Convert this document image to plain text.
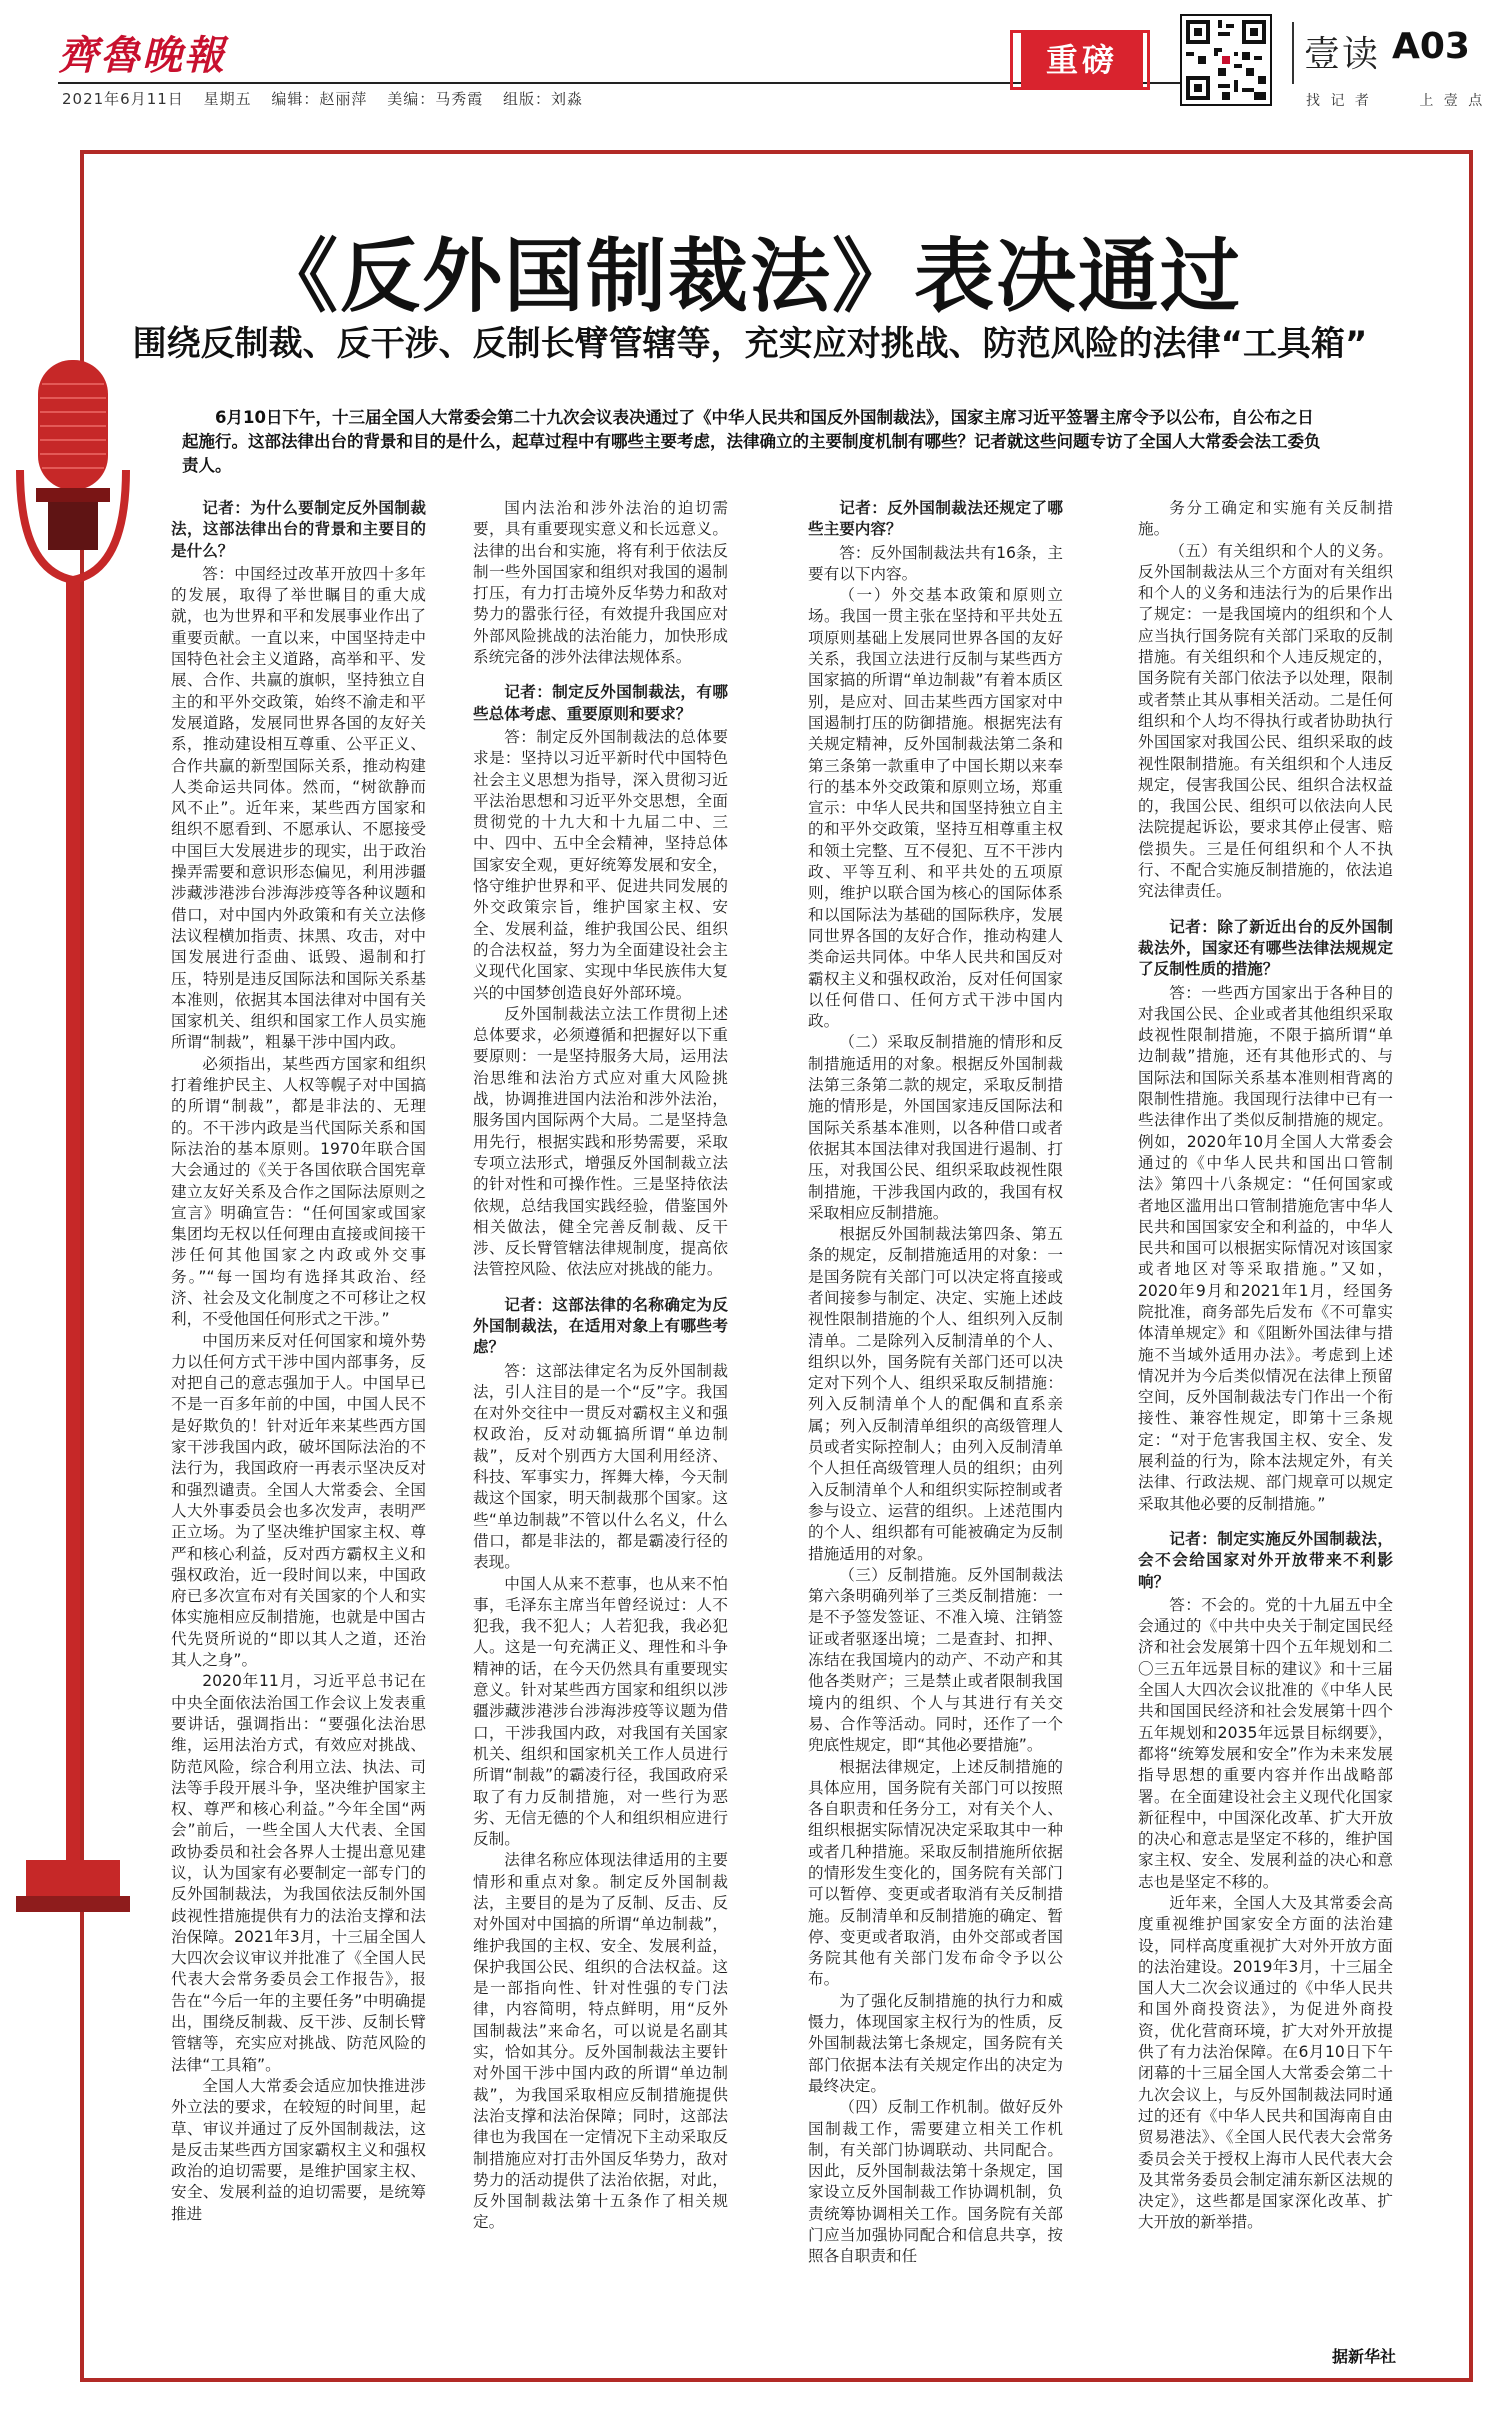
齊魯晚報
2021年6月11日 星期五 编辑：赵丽萍 美编：马秀霞 组版：刘淼
重磅	壹读 A03
找 记 者	上 壹 点
《反外国制裁法》表决通过
围绕反制裁、反干涉、反制长臂管辖等，充实应对挑战、防范风险的法律“工具箱”
6月10日下午，十三届全国人大常委会第二十九次会议表决通过了《中华人民共和国反外国制裁法》，国家主席习近平签署主席令予以公布，自公布之日起施行。这部法律出台的背景和目的是什么，起草过程中有哪些主要考虑，法律确立的主要制度机制有哪些？记者就这些问题专访了全国人大常委会法工委负责人。

记者：为什么要制定反外国制裁法，这部法律出台的背景和主要目的是什么？

答：中国经过改革开放四十多年的发展，取得了举世瞩目的重大成就，也为世界和平和发展事业作出了重要贡献。一直以来，中国坚持走中国特色社会主义道路，高举和平、发展、合作、共赢的旗帜，坚持独立自主的和平外交政策，始终不渝走和平发展道路，发展同世界各国的友好关系，推动建设相互尊重、公平正义、合作共赢的新型国际关系，推动构建人类命运共同体。然而，“树欲静而风不止”。近年来，某些西方国家和组织不愿看到、不愿承认、不愿接受中国巨大发展进步的现实，出于政治操弄需要和意识形态偏见，利用涉疆涉藏涉港涉台涉海涉疫等各种议题和借口，对中国内外政策和有关立法修法议程横加指责、抹黑、攻击，对中国发展进行歪曲、诋毁、遏制和打压，特别是违反国际法和国际关系基本准则，依据其本国法律对中国有关国家机关、组织和国家工作人员实施所谓“制裁”，粗暴干涉中国内政。

必须指出，某些西方国家和组织打着维护民主、人权等幌子对中国搞的所谓“制裁”，都是非法的、无理的。不干涉内政是当代国际关系和国际法治的基本原则。1970年联合国大会通过的《关于各国依联合国宪章建立友好关系及合作之国际法原则之宣言》明确宣告：“任何国家或国家集团均无权以任何理由直接或间接干涉任何其他国家之内政或外交事务。”“每一国均有选择其政治、经济、社会及文化制度之不可移让之权利，不受他国任何形式之干涉。”

中国历来反对任何国家和境外势力以任何方式干涉中国内部事务，反对把自己的意志强加于人。中国早已不是一百多年前的中国，中国人民不是好欺负的！针对近年来某些西方国家干涉我国内政，破坏国际法治的不法行为，我国政府一再表示坚决反对和强烈谴责。全国人大常委会、全国人大外事委员会也多次发声，表明严正立场。为了坚决维护国家主权、尊严和核心利益，反对西方霸权主义和强权政治，近一段时间以来，中国政府已多次宣布对有关国家的个人和实体实施相应反制措施，也就是中国古代先贤所说的“即以其人之道，还治其人之身”。

2020年11月，习近平总书记在中央全面依法治国工作会议上发表重要讲话，强调指出：“要强化法治思维，运用法治方式，有效应对挑战、防范风险，综合利用立法、执法、司法等手段开展斗争，坚决维护国家主权、尊严和核心利益。”今年全国“两会”前后，一些全国人大代表、全国政协委员和社会各界人士提出意见建议，认为国家有必要制定一部专门的反外国制裁法，为我国依法反制外国歧视性措施提供有力的法治支撑和法治保障。2021年3月，十三届全国人大四次会议审议并批准了《全国人民代表大会常务委员会工作报告》，报告在“今后一年的主要任务”中明确提出，围绕反制裁、反干涉、反制长臂管辖等，充实应对挑战、防范风险的法律“工具箱”。

全国人大常委会适应加快推进涉外立法的要求，在较短的时间里，起草、审议并通过了反外国制裁法，这是反击某些西方国家霸权主义和强权政治的迫切需要，是维护国家主权、安全、发展利益的迫切需要，是统筹推进

国内法治和涉外法治的迫切需要，具有重要现实意义和长远意义。法律的出台和实施，将有利于依法反制一些外国国家和组织对我国的遏制打压，有力打击境外反华势力和敌对势力的嚣张行径，有效提升我国应对外部风险挑战的法治能力，加快形成系统完备的涉外法律法规体系。

记者：制定反外国制裁法，有哪些总体考虑、重要原则和要求？

答：制定反外国制裁法的总体要求是：坚持以习近平新时代中国特色社会主义思想为指导，深入贯彻习近平法治思想和习近平外交思想，全面贯彻党的十九大和十九届二中、三中、四中、五中全会精神，坚持总体国家安全观，更好统筹发展和安全，恪守维护世界和平、促进共同发展的外交政策宗旨，维护国家主权、安全、发展利益，维护我国公民、组织的合法权益，努力为全面建设社会主义现代化国家、实现中华民族伟大复兴的中国梦创造良好外部环境。

反外国制裁法立法工作贯彻上述总体要求，必须遵循和把握好以下重要原则：一是坚持服务大局，运用法治思维和法治方式应对重大风险挑战，协调推进国内法治和涉外法治，服务国内国际两个大局。二是坚持急用先行，根据实践和形势需要，采取专项立法形式，增强反外国制裁立法的针对性和可操作性。三是坚持依法依规，总结我国实践经验，借鉴国外相关做法，健全完善反制裁、反干涉、反长臂管辖法律规制度，提高依法管控风险、依法应对挑战的能力。

记者：这部法律的名称确定为反外国制裁法，在适用对象上有哪些考虑？

答：这部法律定名为反外国制裁法，引人注目的是一个“反”字。我国在对外交往中一贯反对霸权主义和强权政治，反对动辄搞所谓“单边制裁”，反对个别西方大国利用经济、科技、军事实力，挥舞大棒，今天制裁这个国家，明天制裁那个国家。这些“单边制裁”不管以什么名义，什么借口，都是非法的，都是霸凌行径的表现。

中国人从来不惹事，也从来不怕事，毛泽东主席当年曾经说过：人不犯我，我不犯人；人若犯我，我必犯人。这是一句充满正义、理性和斗争精神的话，在今天仍然具有重要现实意义。针对某些西方国家和组织以涉疆涉藏涉港涉台涉海涉疫等议题为借口，干涉我国内政，对我国有关国家机关、组织和国家机关工作人员进行所谓“制裁”的霸凌行径，我国政府采取了有力反制措施，对一些行为恶劣、无信无德的个人和组织相应进行反制。

法律名称应体现法律适用的主要情形和重点对象。制定反外国制裁法，主要目的是为了反制、反击、反对外国对中国搞的所谓“单边制裁”，维护我国的主权、安全、发展利益，保护我国公民、组织的合法权益。这是一部指向性、针对性强的专门法律，内容简明，特点鲜明，用“反外国制裁法”来命名，可以说是名副其实，恰如其分。反外国制裁法主要针对外国干涉中国内政的所谓“单边制裁”，为我国采取相应反制措施提供法治支撑和法治保障；同时，这部法律也为我国在一定情况下主动采取反制措施应对打击外国反华势力，敌对势力的活动提供了法治依据，对此，反外国制裁法第十五条作了相关规定。

记者：反外国制裁法还规定了哪些主要内容？

答：反外国制裁法共有16条，主要有以下内容。

（一）外交基本政策和原则立场。我国一贯主张在坚持和平共处五项原则基础上发展同世界各国的友好关系，我国立法进行反制与某些西方国家搞的所谓“单边制裁”有着本质区别，是应对、回击某些西方国家对中国遏制打压的防御措施。根据宪法有关规定精神，反外国制裁法第二条和第三条第一款重申了中国长期以来奉行的基本外交政策和原则立场，郑重宣示：中华人民共和国坚持独立自主的和平外交政策，坚持互相尊重主权和领土完整、互不侵犯、互不干涉内政、平等互利、和平共处的五项原则，维护以联合国为核心的国际体系和以国际法为基础的国际秩序，发展同世界各国的友好合作，推动构建人类命运共同体。中华人民共和国反对霸权主义和强权政治，反对任何国家以任何借口、任何方式干涉中国内政。

（二）采取反制措施的情形和反制措施适用的对象。根据反外国制裁法第三条第二款的规定，采取反制措施的情形是，外国国家违反国际法和国际关系基本准则，以各种借口或者依据其本国法律对我国进行遏制、打压，对我国公民、组织采取歧视性限制措施，干涉我国内政的，我国有权采取相应反制措施。

根据反外国制裁法第四条、第五条的规定，反制措施适用的对象：一是国务院有关部门可以决定将直接或者间接参与制定、决定、实施上述歧视性限制措施的个人、组织列入反制清单。二是除列入反制清单的个人、组织以外，国务院有关部门还可以决定对下列个人、组织采取反制措施：列入反制清单个人的配偶和直系亲属；列入反制清单组织的高级管理人员或者实际控制人；由列入反制清单个人担任高级管理人员的组织；由列入反制清单个人和组织实际控制或者参与设立、运营的组织。上述范围内的个人、组织都有可能被确定为反制措施适用的对象。

（三）反制措施。反外国制裁法第六条明确列举了三类反制措施：一是不予签发签证、不准入境、注销签证或者驱逐出境；二是查封、扣押、冻结在我国境内的动产、不动产和其他各类财产；三是禁止或者限制我国境内的组织、个人与其进行有关交易、合作等活动。同时，还作了一个兜底性规定，即“其他必要措施”。

根据法律规定，上述反制措施的具体应用，国务院有关部门可以按照各自职责和任务分工，对有关个人、组织根据实际情况决定采取其中一种或者几种措施。采取反制措施所依据的情形发生变化的，国务院有关部门可以暂停、变更或者取消有关反制措施。反制清单和反制措施的确定、暂停、变更或者取消，由外交部或者国务院其他有关部门发布命令予以公布。

为了强化反制措施的执行力和威慑力，体现国家主权行为的性质，反外国制裁法第七条规定，国务院有关部门依据本法有关规定作出的决定为最终决定。

（四）反制工作机制。做好反外国制裁工作，需要建立相关工作机制，有关部门协调联动、共同配合。因此，反外国制裁法第十条规定，国家设立反外国制裁工作协调机制，负责统筹协调相关工作。国务院有关部门应当加强协同配合和信息共享，按照各自职责和任

务分工确定和实施有关反制措施。

（五）有关组织和个人的义务。反外国制裁法从三个方面对有关组织和个人的义务和违法行为的后果作出了规定：一是我国境内的组织和个人应当执行国务院有关部门采取的反制措施。有关组织和个人违反规定的，国务院有关部门依法予以处理，限制或者禁止其从事相关活动。二是任何组织和个人均不得执行或者协助执行外国国家对我国公民、组织采取的歧视性限制措施。有关组织和个人违反规定，侵害我国公民、组织合法权益的，我国公民、组织可以依法向人民法院提起诉讼，要求其停止侵害、赔偿损失。三是任何组织和个人不执行、不配合实施反制措施的，依法追究法律责任。

记者：除了新近出台的反外国制裁法外，国家还有哪些法律法规规定了反制性质的措施？

答：一些西方国家出于各种目的对我国公民、企业或者其他组织采取歧视性限制措施，不限于搞所谓“单边制裁”措施，还有其他形式的、与国际法和国际关系基本准则相背离的限制性措施。我国现行法律中已有一些法律作出了类似反制措施的规定。例如，2020年10月全国人大常委会通过的《中华人民共和国出口管制法》第四十八条规定：“任何国家或者地区滥用出口管制措施危害中华人民共和国国家安全和利益的，中华人民共和国可以根据实际情况对该国家或者地区对等采取措施。”又如，2020年9月和2021年1月，经国务院批准，商务部先后发布《不可靠实体清单规定》和《阻断外国法律与措施不当域外适用办法》。考虑到上述情况并为今后类似情况在法律上预留空间，反外国制裁法专门作出一个衔接性、兼容性规定，即第十三条规定：“对于危害我国主权、安全、发展利益的行为，除本法规定外，有关法律、行政法规、部门规章可以规定采取其他必要的反制措施。”

记者：制定实施反外国制裁法，会不会给国家对外开放带来不利影响？

答：不会的。党的十九届五中全会通过的《中共中央关于制定国民经济和社会发展第十四个五年规划和二〇三五年远景目标的建议》和十三届全国人大四次会议批准的《中华人民共和国国民经济和社会发展第十四个五年规划和2035年远景目标纲要》，都将“统筹发展和安全”作为未来发展指导思想的重要内容并作出战略部署。在全面建设社会主义现代化国家新征程中，中国深化改革、扩大开放的决心和意志是坚定不移的，维护国家主权、安全、发展利益的决心和意志也是坚定不移的。

近年来，全国人大及其常委会高度重视维护国家安全方面的法治建设，同样高度重视扩大对外开放方面的法治建设。2019年3月，十三届全国人大二次会议通过的《中华人民共和国外商投资法》，为促进外商投资，优化营商环境，扩大对外开放提供了有力法治保障。在6月10日下午闭幕的十三届全国人大常委会第二十九次会议上，与反外国制裁法同时通过的还有《中华人民共和国海南自由贸易港法》、《全国人民代表大会常务委员会关于授权上海市人民代表大会及其常务委员会制定浦东新区法规的决定》，这些都是国家深化改革、扩大开放的新举措。

据新华社
